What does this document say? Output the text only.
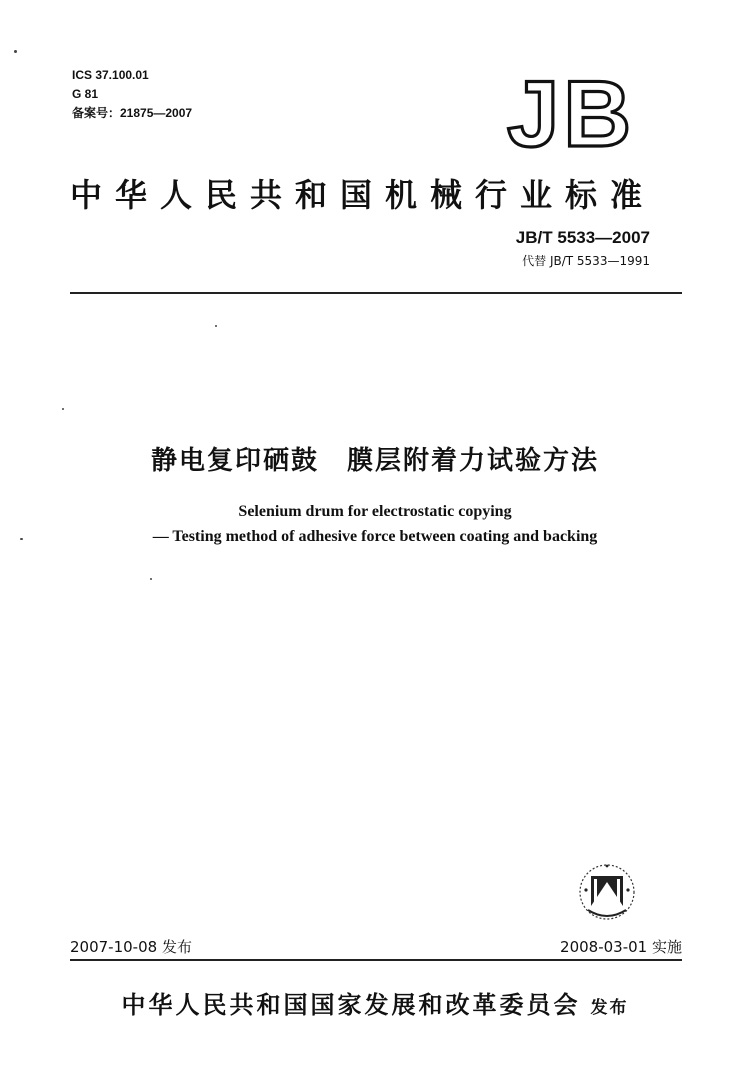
ICS 37.100.01
G 81
备案号：21875—2007	JB
中华人民共和国机械行业标准
JB/T 5533—2007
代替 JB/T 5533—1991
静电复印硒鼓　膜层附着力试验方法
Selenium drum for electrostatic copying
— Testing method of adhesive force between coating and backing
2007-10-08 发布	2008-03-01 实施
中华人民共和国国家发展和改革委员会 发布
